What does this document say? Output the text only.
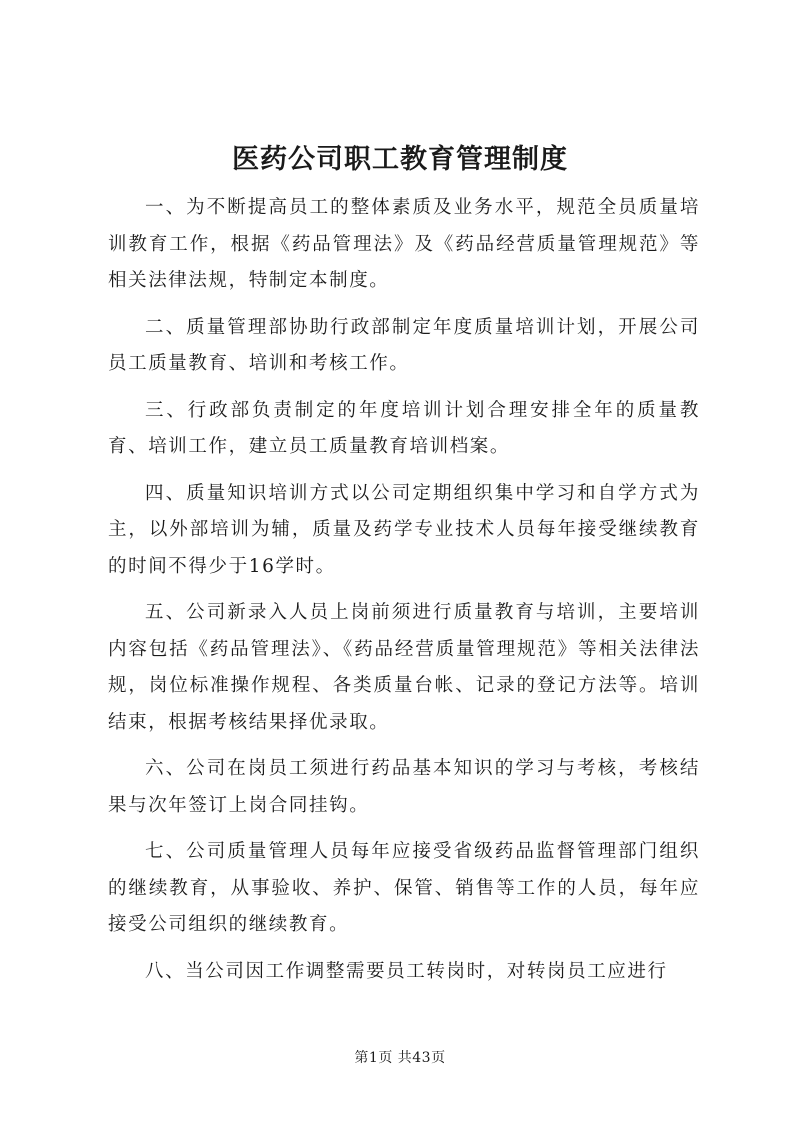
医药公司职工教育管理制度

一、为不断提高员工的整体素质及业务水平，规范全员质量培训教育工作，根据《药品管理法》及《药品经营质量管理规范》等相关法律法规，特制定本制度。

二、质量管理部协助行政部制定年度质量培训计划，开展公司员工质量教育、培训和考核工作。

三、行政部负责制定的年度培训计划合理安排全年的质量教育、培训工作，建立员工质量教育培训档案。

四、质量知识培训方式以公司定期组织集中学习和自学方式为主，以外部培训为辅，质量及药学专业技术人员每年接受继续教育的时间不得少于16学时。

五、公司新录入人员上岗前须进行质量教育与培训，主要培训内容包括《药品管理法》、《药品经营质量管理规范》等相关法律法规，岗位标准操作规程、各类质量台帐、记录的登记方法等。培训结束，根据考核结果择优录取。

六、公司在岗员工须进行药品基本知识的学习与考核，考核结果与次年签订上岗合同挂钩。

七、公司质量管理人员每年应接受省级药品监督管理部门组织的继续教育，从事验收、养护、保管、销售等工作的人员，每年应接受公司组织的继续教育。

八、当公司因工作调整需要员工转岗时，对转岗员工应进行

第1页 共43页
